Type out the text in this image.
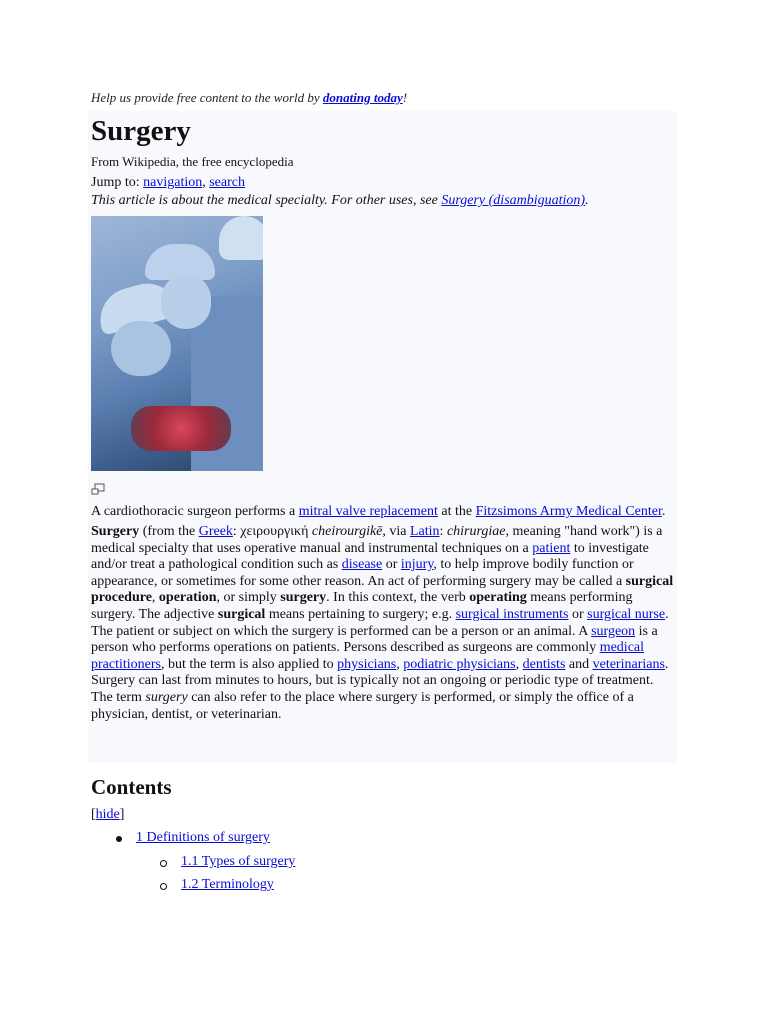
Help us provide free content to the world by donating today!
Surgery
From Wikipedia, the free encyclopedia
Jump to: navigation, search
This article is about the medical specialty. For other uses, see Surgery (disambiguation).
A cardiothoracic surgeon performs a mitral valve replacement at the Fitzsimons Army Medical Center.
Surgery (from the Greek: χειρουργική cheirourgikē, via Latin: chirurgiae, meaning "hand work") is a medical specialty that uses operative manual and instrumental techniques on a patient to investigate and/or treat a pathological condition such as disease or injury, to help improve bodily function or appearance, or sometimes for some other reason. An act of performing surgery may be called a surgical procedure, operation, or simply surgery. In this context, the verb operating means performing surgery. The adjective surgical means pertaining to surgery; e.g. surgical instruments or surgical nurse. The patient or subject on which the surgery is performed can be a person or an animal. A surgeon is a person who performs operations on patients. Persons described as surgeons are commonly medical practitioners, but the term is also applied to physicians, podiatric physicians, dentists and veterinarians. Surgery can last from minutes to hours, but is typically not an ongoing or periodic type of treatment. The term surgery can also refer to the place where surgery is performed, or simply the office of a physician, dentist, or veterinarian.
Contents
[hide]
1 Definitions of surgery
1.1 Types of surgery
1.2 Terminology
